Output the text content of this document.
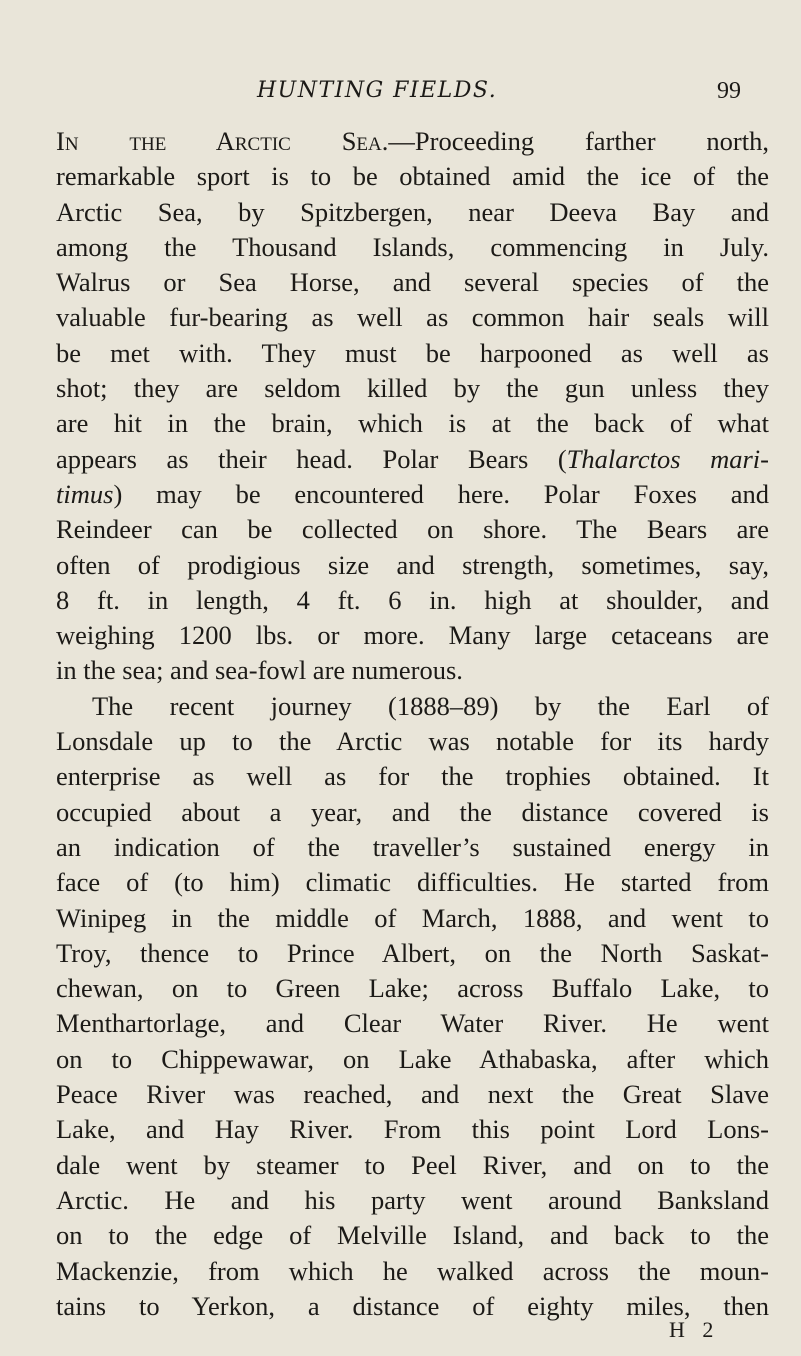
HUNTING FIELDS.	99
In the Arctic Sea.—Proceeding farther north,
remarkable sport is to be obtained amid the ice of the
Arctic Sea, by Spitzbergen, near Deeva Bay and
among the Thousand Islands, commencing in July.
Walrus or Sea Horse, and several species of the
valuable fur-bearing as well as common hair seals will
be met with. They must be harpooned as well as
shot; they are seldom killed by the gun unless they
are hit in the brain, which is at the back of what
appears as their head. Polar Bears (Thalarctos mari-
timus) may be encountered here. Polar Foxes and
Reindeer can be collected on shore. The Bears are
often of prodigious size and strength, sometimes, say,
8 ft. in length, 4 ft. 6 in. high at shoulder, and
weighing 1200 lbs. or more. Many large cetaceans are
in the sea; and sea-fowl are numerous.
The recent journey (1888–89) by the Earl of
Lonsdale up to the Arctic was notable for its hardy
enterprise as well as for the trophies obtained. It
occupied about a year, and the distance covered is
an indication of the traveller’s sustained energy in
face of (to him) climatic difficulties. He started from
Winipeg in the middle of March, 1888, and went to
Troy, thence to Prince Albert, on the North Saskat-
chewan, on to Green Lake; across Buffalo Lake, to
Menthartorlage, and Clear Water River. He went
on to Chippewawar, on Lake Athabaska, after which
Peace River was reached, and next the Great Slave
Lake, and Hay River. From this point Lord Lons-
dale went by steamer to Peel River, and on to the
Arctic. He and his party went around Banksland
on to the edge of Melville Island, and back to the
Mackenzie, from which he walked across the moun-
tains to Yerkon, a distance of eighty miles, then
H 2
